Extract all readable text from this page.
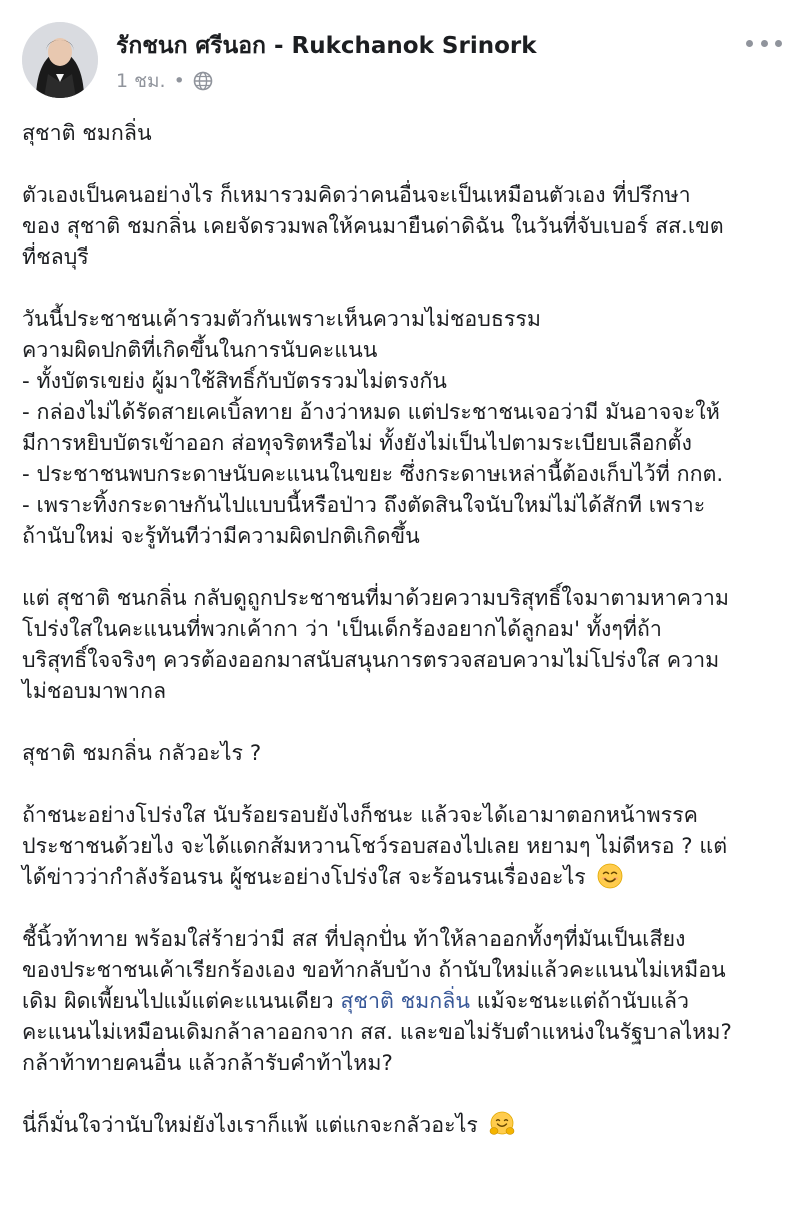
รักชนก ศรีนอก - Rukchanok Srinork
1 ชม. •
สุชาติ ชมกลิ่น
ตัวเองเป็นคนอย่างไร ก็เหมารวมคิดว่าคนอื่นจะเป็นเหมือนตัวเอง ที่ปรึกษา
ของ สุชาติ ชมกลิ่น เคยจัดรวมพลให้คนมายืนด่าดิฉัน ในวันที่จับเบอร์ สส.เขต
ที่ชลบุรี
วันนี้ประชาชนเค้ารวมตัวกันเพราะเห็นความไม่ชอบธรรม
ความผิดปกติที่เกิดขึ้นในการนับคะแนน
- ทั้งบัตรเขย่ง ผู้มาใช้สิทธิ์กับบัตรรวมไม่ตรงกัน
- กล่องไม่ได้รัดสายเคเบิ้ลทาย อ้างว่าหมด แต่ประชาชนเจอว่ามี มันอาจจะให้
มีการหยิบบัตรเข้าออก ส่อทุจริตหรือไม่ ทั้งยังไม่เป็นไปตามระเบียบเลือกตั้ง
- ประชาชนพบกระดาษนับคะแนนในขยะ ซึ่งกระดาษเหล่านี้ต้องเก็บไว้ที่ กกต.
- เพราะทิ้งกระดาษกันไปแบบนี้หรือป่าว ถึงตัดสินใจนับใหม่ไม่ได้สักที เพราะ
ถ้านับใหม่ จะรู้ทันทีว่ามีความผิดปกติเกิดขึ้น
แต่ สุชาติ ชนกลิ่น กลับดูถูกประชาชนที่มาด้วยความบริสุทธิ์ใจมาตามหาความ
โปร่งใสในคะแนนที่พวกเค้ากา ว่า 'เป็นเด็กร้องอยากได้ลูกอม' ทั้งๆที่ถ้า
บริสุทธิ์ใจจริงๆ ควรต้องออกมาสนับสนุนการตรวจสอบความไม่โปร่งใส ความ
ไม่ชอบมาพากล
สุชาติ ชมกลิ่น กลัวอะไร ?
ถ้าชนะอย่างโปร่งใส นับร้อยรอบยังไงก็ชนะ แล้วจะได้เอามาตอกหน้าพรรค
ประชาชนด้วยไง จะได้แดกส้มหวานโชว์รอบสองไปเลย หยามๆ ไม่ดีหรอ ? แต่
ได้ข่าวว่ากำลังร้อนรน ผู้ชนะอย่างโปร่งใส จะร้อนรนเรื่องอะไร
ชี้นิ้วท้าทาย พร้อมใส่ร้ายว่ามี สส ที่ปลุกปั่น ท้าให้ลาออกทั้งๆที่มันเป็นเสียง
ของประชาชนเค้าเรียกร้องเอง ขอท้ากลับบ้าง ถ้านับใหม่แล้วคะแนนไม่เหมือน
เดิม ผิดเพี้ยนไปแม้แต่คะแนนเดียว สุชาติ ชมกลิ่น แม้จะชนะแต่ถ้านับแล้ว
คะแนนไม่เหมือนเดิมกล้าลาออกจาก สส. และขอไม่รับตำแหน่งในรัฐบาลไหม?
กล้าท้าทายคนอื่น แล้วกล้ารับคำท้าไหม?
นี่ก็มั่นใจว่านับใหม่ยังไงเราก็แพ้ แต่แกจะกลัวอะไร
